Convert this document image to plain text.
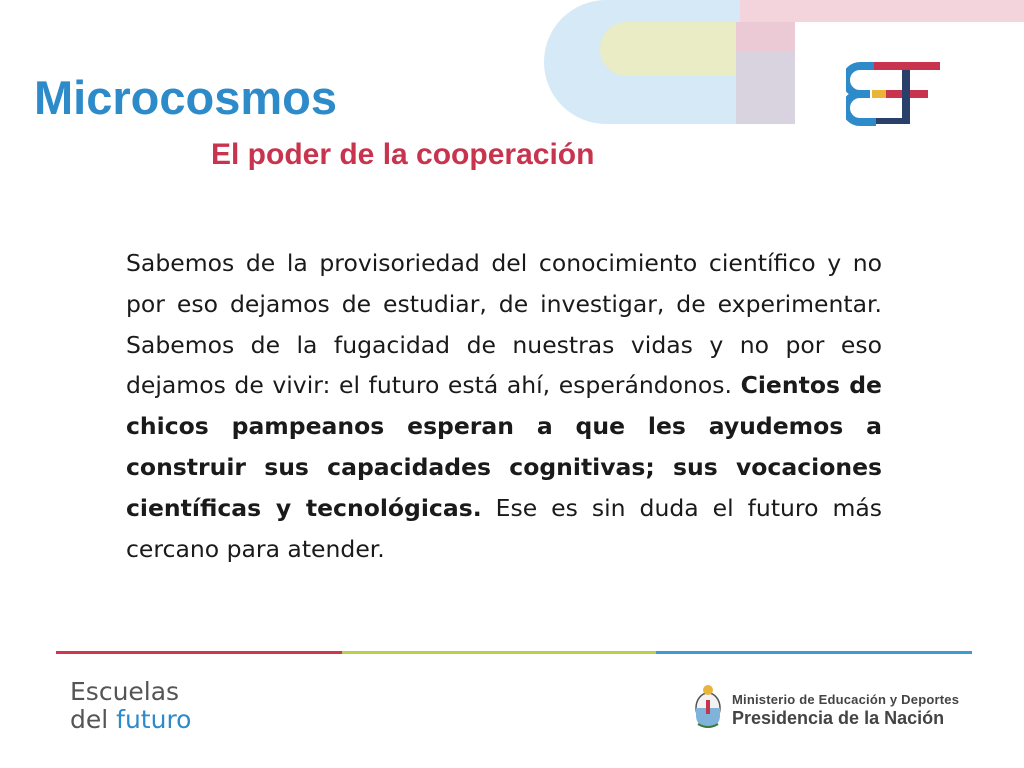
Microcosmos
El poder de la cooperación

Sabemos de la provisoriedad del conocimiento científico y no por eso dejamos de estudiar, de investigar, de experimentar. Sabemos de la fugacidad de nuestras vidas y no por eso dejamos de vivir: el futuro está ahí, esperándonos. Cientos de chicos pampeanos esperan a que les ayudemos a construir sus capacidades cognitivas; sus vocaciones científicas y tecnológicas. Ese es sin duda el futuro más cercano para atender.

Escuelas
del futuro
Ministerio de Educación y Deportes
Presidencia de la Nación
